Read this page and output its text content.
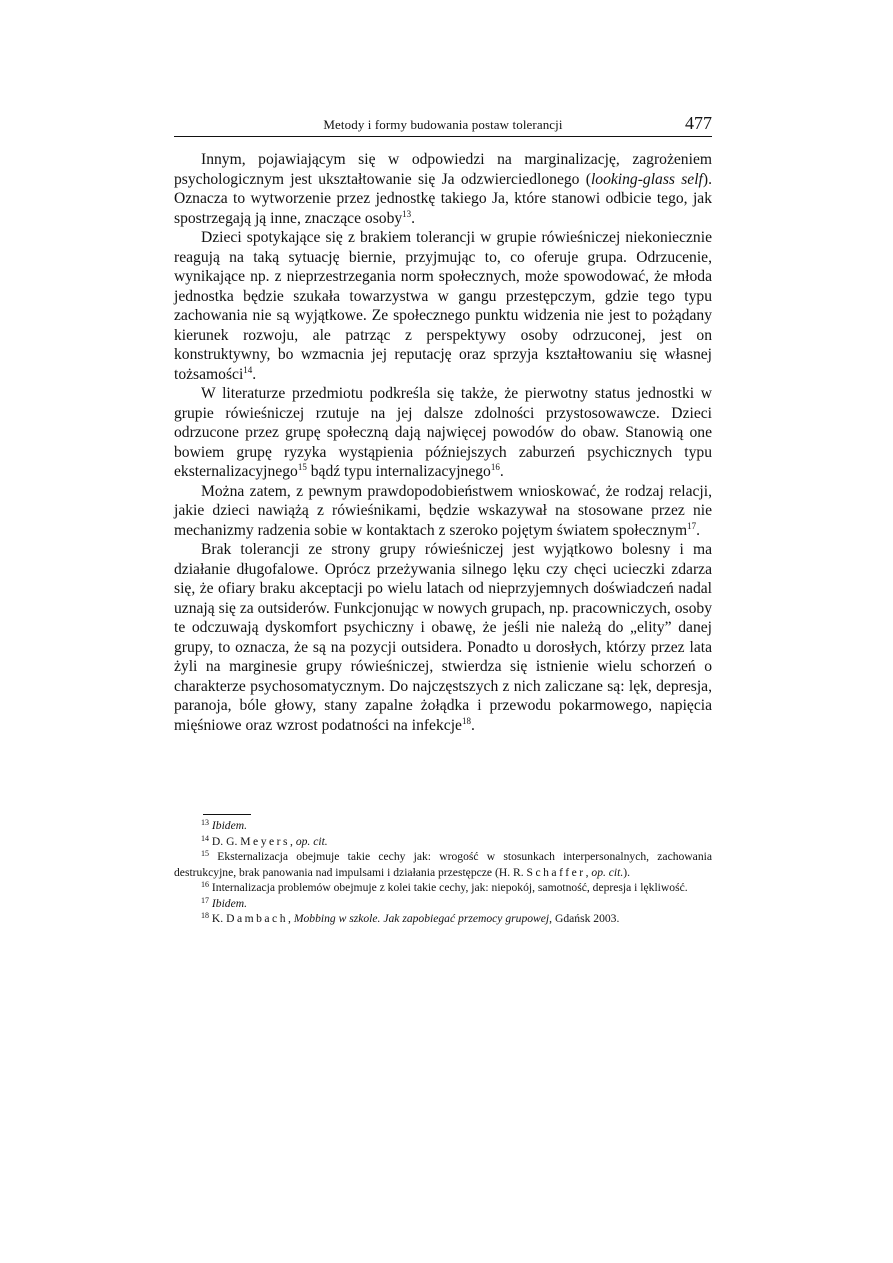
Metody i formy budowania postaw tolerancji	477

Innym, pojawiającym się w odpowiedzi na marginalizację, zagrożeniem psychologicznym jest ukształtowanie się Ja odzwierciedlonego (looking-glass self). Oznacza to wytworzenie przez jednostkę takiego Ja, które stanowi odbicie tego, jak spostrzegają ją inne, znaczące osoby$^{13}$.

Dzieci spotykające się z brakiem tolerancji w grupie rówieśniczej niekoniecznie reagują na taką sytuację biernie, przyjmując to, co oferuje grupa. Odrzucenie, wynikające np. z nieprzestrzegania norm społecznych, może spowodować, że młoda jednostka będzie szukała towarzystwa w gangu przestępczym, gdzie tego typu zachowania nie są wyjątkowe. Ze społecznego punktu widzenia nie jest to pożądany kierunek rozwoju, ale patrząc z perspektywy osoby odrzuconej, jest on konstruktywny, bo wzmacnia jej reputację oraz sprzyja kształtowaniu się własnej tożsamości$^{14}$.

W literaturze przedmiotu podkreśla się także, że pierwotny status jednostki w grupie rówieśniczej rzutuje na jej dalsze zdolności przystosowawcze. Dzieci odrzucone przez grupę społeczną dają najwięcej powodów do obaw. Stanowią one bowiem grupę ryzyka wystąpienia późniejszych zaburzeń psychicznych typu eksternalizacyjnego$^{15}$ bądź typu internalizacyjnego$^{16}$.

Można zatem, z pewnym prawdopodobieństwem wnioskować, że rodzaj relacji, jakie dzieci nawiążą z rówieśnikami, będzie wskazywał na stosowane przez nie mechanizmy radzenia sobie w kontaktach z szeroko pojętym światem społecznym$^{17}$.

Brak tolerancji ze strony grupy rówieśniczej jest wyjątkowo bolesny i ma działanie długofalowe. Oprócz przeżywania silnego lęku czy chęci ucieczki zdarza się, że ofiary braku akceptacji po wielu latach od nieprzyjemnych doświadczeń nadal uznają się za outsiderów. Funkcjonując w nowych grupach, np. pracowniczych, osoby te odczuwają dyskomfort psychiczny i obawę, że jeśli nie należą do „elity” danej grupy, to oznacza, że są na pozycji outsidera. Ponadto u dorosłych, którzy przez lata żyli na marginesie grupy rówieśniczej, stwierdza się istnienie wielu schorzeń o charakterze psychosomatycznym. Do najczęstszych z nich zaliczane są: lęk, depresja, paranoja, bóle głowy, stany zapalne żołądka i przewodu pokarmowego, napięcia mięśniowe oraz wzrost podatności na infekcje$^{18}$.

$^{13}$ Ibidem.

$^{14}$ D. G. Meyers, op. cit.

$^{15}$ Eksternalizacja obejmuje takie cechy jak: wrogość w stosunkach interpersonalnych, zachowania destrukcyjne, brak panowania nad impulsami i działania przestępcze (H. R. Schaffer, op. cit.).

$^{16}$ Internalizacja problemów obejmuje z kolei takie cechy, jak: niepokój, samotność, depresja i lękliwość.

$^{17}$ Ibidem.

$^{18}$ K. Dambach, Mobbing w szkole. Jak zapobiegać przemocy grupowej, Gdańsk 2003.
